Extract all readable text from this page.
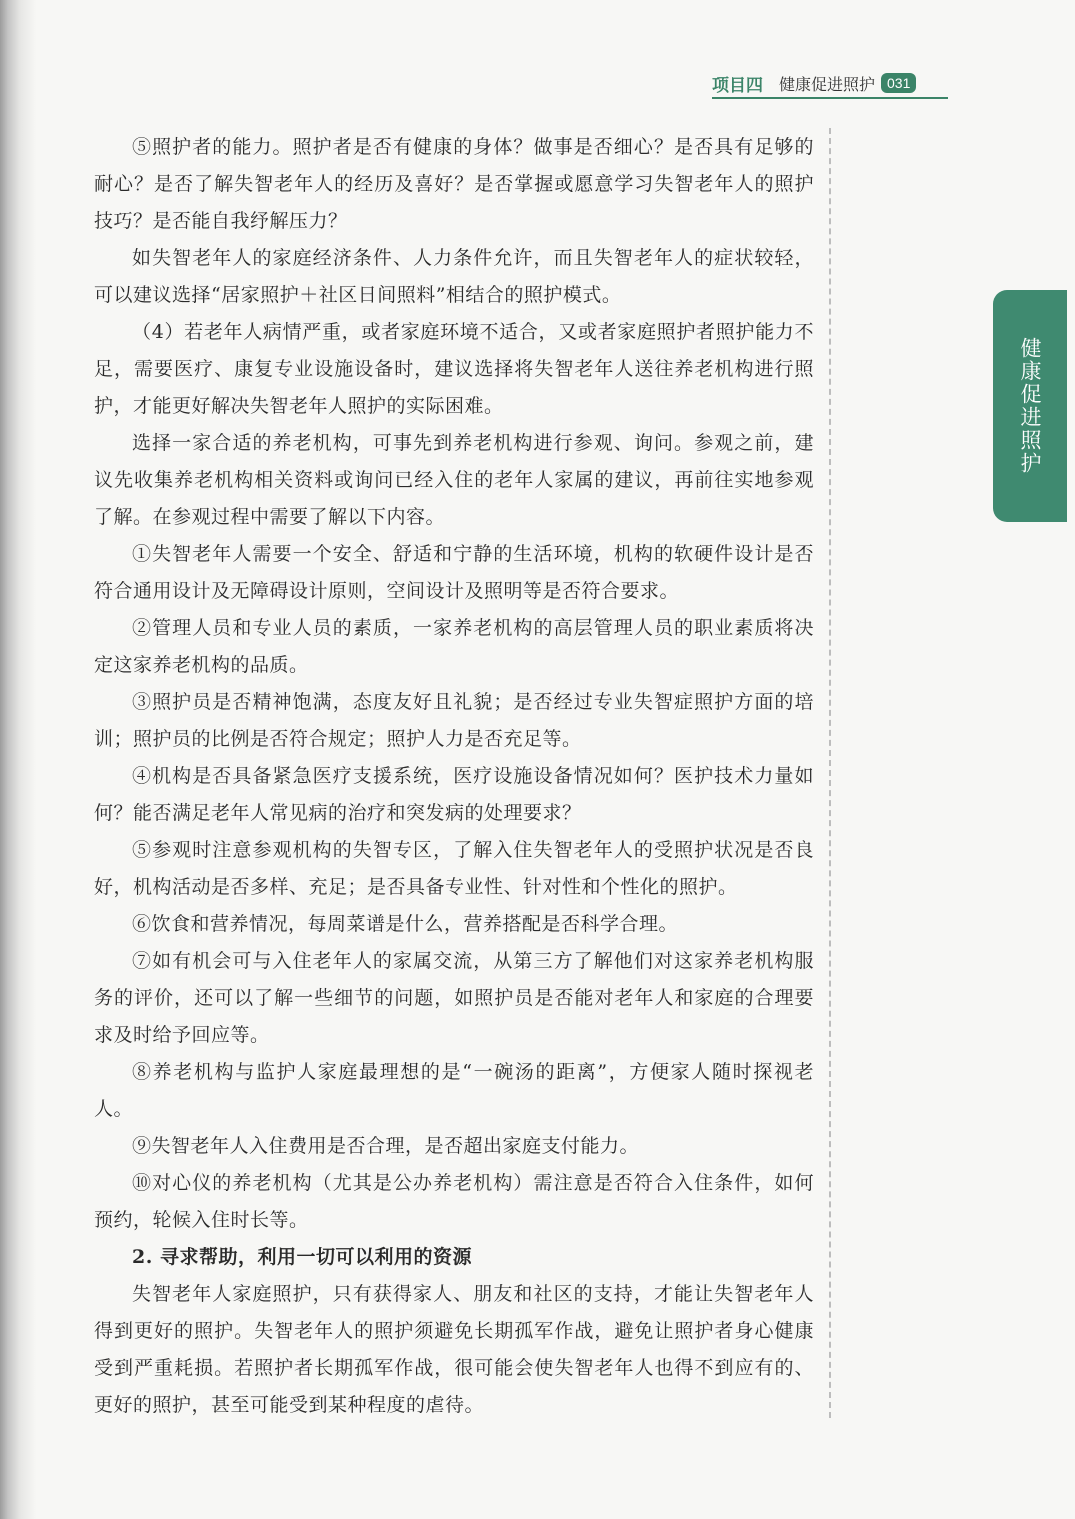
项目四 健康促进照护 031
健康促进照护

⑤照护者的能力。照护者是否有健康的身体？做事是否细心？是否具有足够的耐心？是否了解失智老年人的经历及喜好？是否掌握或愿意学习失智老年人的照护技巧？是否能自我纾解压力？

如失智老年人的家庭经济条件、人力条件允许，而且失智老年人的症状较轻，可以建议选择“居家照护＋社区日间照料”相结合的照护模式。

（4）若老年人病情严重，或者家庭环境不适合，又或者家庭照护者照护能力不足，需要医疗、康复专业设施设备时，建议选择将失智老年人送往养老机构进行照护，才能更好解决失智老年人照护的实际困难。

选择一家合适的养老机构，可事先到养老机构进行参观、询问。参观之前，建议先收集养老机构相关资料或询问已经入住的老年人家属的建议，再前往实地参观了解。在参观过程中需要了解以下内容。

①失智老年人需要一个安全、舒适和宁静的生活环境，机构的软硬件设计是否符合通用设计及无障碍设计原则，空间设计及照明等是否符合要求。

②管理人员和专业人员的素质，一家养老机构的高层管理人员的职业素质将决定这家养老机构的品质。

③照护员是否精神饱满，态度友好且礼貌；是否经过专业失智症照护方面的培训；照护员的比例是否符合规定；照护人力是否充足等。

④机构是否具备紧急医疗支援系统，医疗设施设备情况如何？医护技术力量如何？能否满足老年人常见病的治疗和突发病的处理要求？

⑤参观时注意参观机构的失智专区，了解入住失智老年人的受照护状况是否良好，机构活动是否多样、充足；是否具备专业性、针对性和个性化的照护。

⑥饮食和营养情况，每周菜谱是什么，营养搭配是否科学合理。

⑦如有机会可与入住老年人的家属交流，从第三方了解他们对这家养老机构服务的评价，还可以了解一些细节的问题，如照护员是否能对老年人和家庭的合理要求及时给予回应等。

⑧养老机构与监护人家庭最理想的是“一碗汤的距离”，方便家人随时探视老人。

⑨失智老年人入住费用是否合理，是否超出家庭支付能力。

⑩对心仪的养老机构（尤其是公办养老机构）需注意是否符合入住条件，如何预约，轮候入住时长等。

2. 寻求帮助，利用一切可以利用的资源

失智老年人家庭照护，只有获得家人、朋友和社区的支持，才能让失智老年人得到更好的照护。失智老年人的照护须避免长期孤军作战，避免让照护者身心健康受到严重耗损。若照护者长期孤军作战，很可能会使失智老年人也得不到应有的、更好的照护，甚至可能受到某种程度的虐待。
